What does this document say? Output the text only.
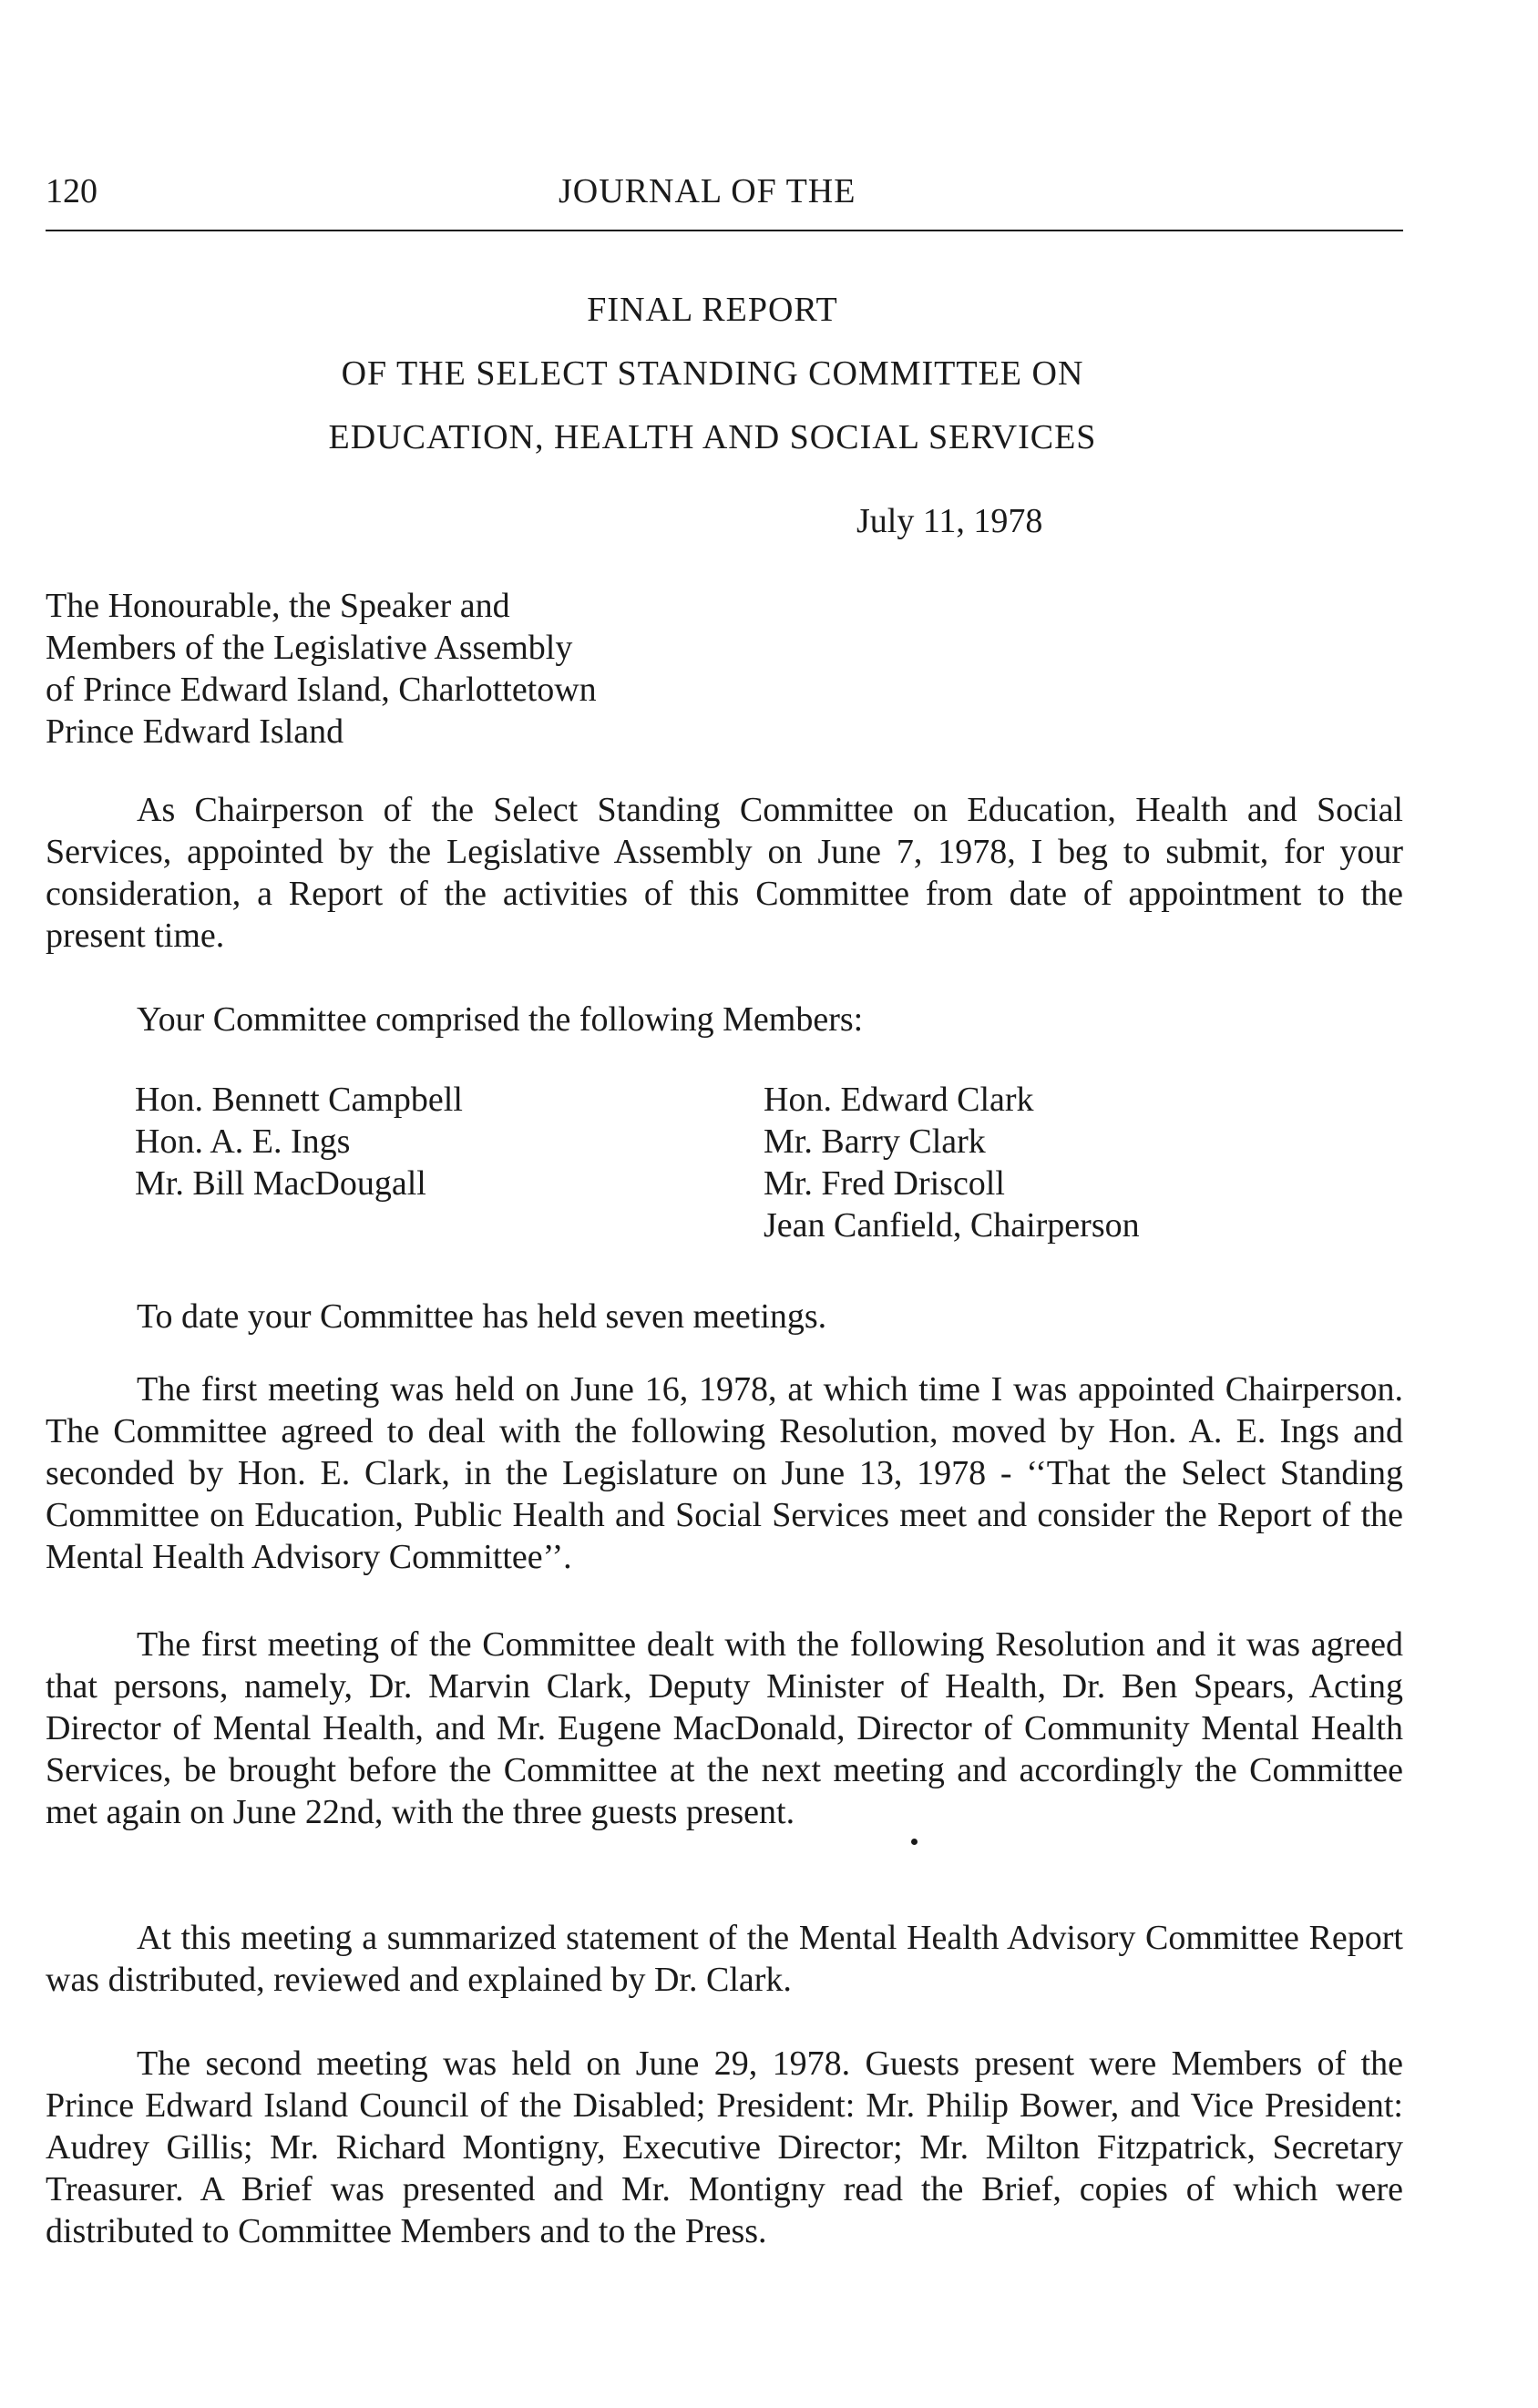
120	JOURNAL OF THE
FINAL REPORT
OF THE SELECT STANDING COMMITTEE ON
EDUCATION, HEALTH AND SOCIAL SERVICES
July 11, 1978
The Honourable, the Speaker and
Members of the Legislative Assembly
of Prince Edward Island, Charlottetown
Prince Edward Island

As Chairperson of the Select Standing Committee on Education, Health and Social Services, appointed by the Legislative Assembly on June 7, 1978, I beg to submit, for your consideration, a Report of the activities of this Committee from date of appointment to the present time.

Your Committee comprised the following Members:

Hon. Bennett Campbell
Hon. A. E. Ings
Mr. Bill MacDougall
Hon. Edward Clark
Mr. Barry Clark
Mr. Fred Driscoll
Jean Canfield, Chairperson

To date your Committee has held seven meetings.

The first meeting was held on June 16, 1978, at which time I was appointed Chairperson. The Committee agreed to deal with the following Resolution, moved by Hon. A. E. Ings and seconded by Hon. E. Clark, in the Legislature on June 13, 1978 - ‘‘That the Select Standing Committee on Education, Public Health and Social Services meet and consider the Report of the Mental Health Advisory Committee’’.

The first meeting of the Committee dealt with the following Resolution and it was agreed that persons, namely, Dr. Marvin Clark, Deputy Minister of Health, Dr. Ben Spears, Acting Director of Mental Health, and Mr. Eugene MacDonald, Director of Community Mental Health Services, be brought before the Committee at the next meeting and accordingly the Committee met again on June 22nd, with the three guests present.

At this meeting a summarized statement of the Mental Health Advisory Committee Report was distributed, reviewed and explained by Dr. Clark.

The second meeting was held on June 29, 1978. Guests present were Members of the Prince Edward Island Council of the Disabled; President: Mr. Philip Bower, and Vice President: Audrey Gillis; Mr. Richard Montigny, Executive Director; Mr. Milton Fitzpatrick, Secretary Treasurer. A Brief was presented and Mr. Montigny read the Brief, copies of which were distributed to Committee Members and to the Press.
